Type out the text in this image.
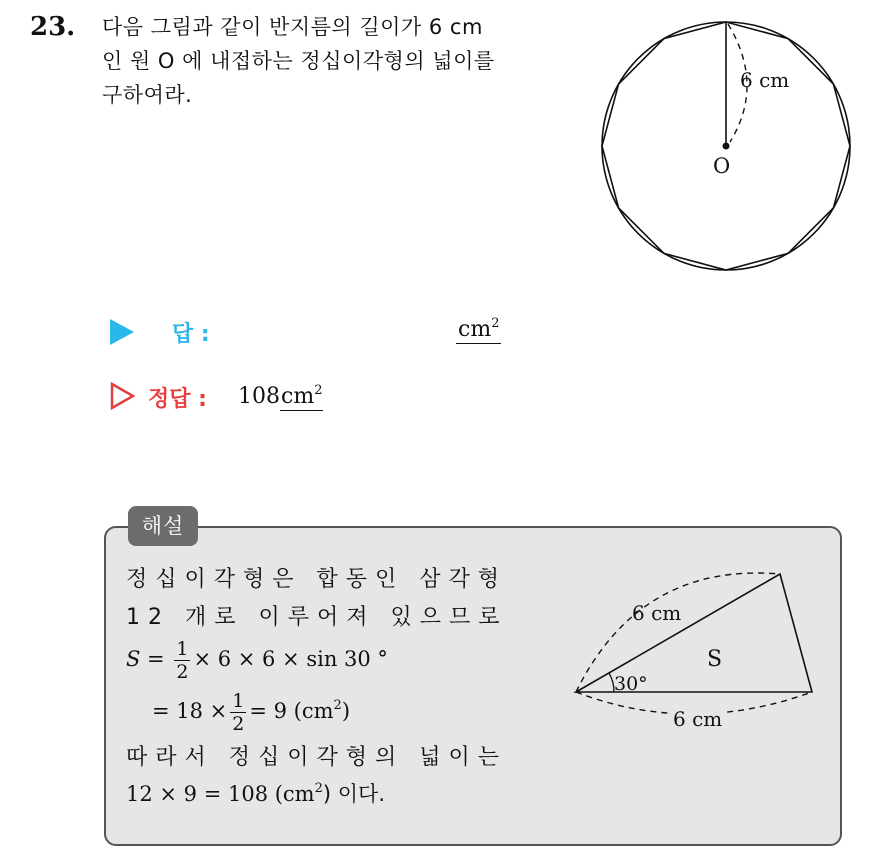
23. 다음 그림과 같이 반지름의 길이가 6 cm
인 원 O 에 내접하는 정십이각형의 넓이를
구하여라.
6 cm
O
답 :	$cm^2$
정답 : $108cm^2$
해설
정십이각형은 합동인 삼각형
12 개로 이루어져 있으므로
$S = \frac{1}{2} \times 6 \times 6 \times \sin 30$ °
= $18 \times \frac{1}{2} = 9$ $(cm^2)$
따라서 정십이각형의 넓이는
12 × 9 = 108 $(cm^2)$ 이다.
6 cm
6 cm
30°
S
